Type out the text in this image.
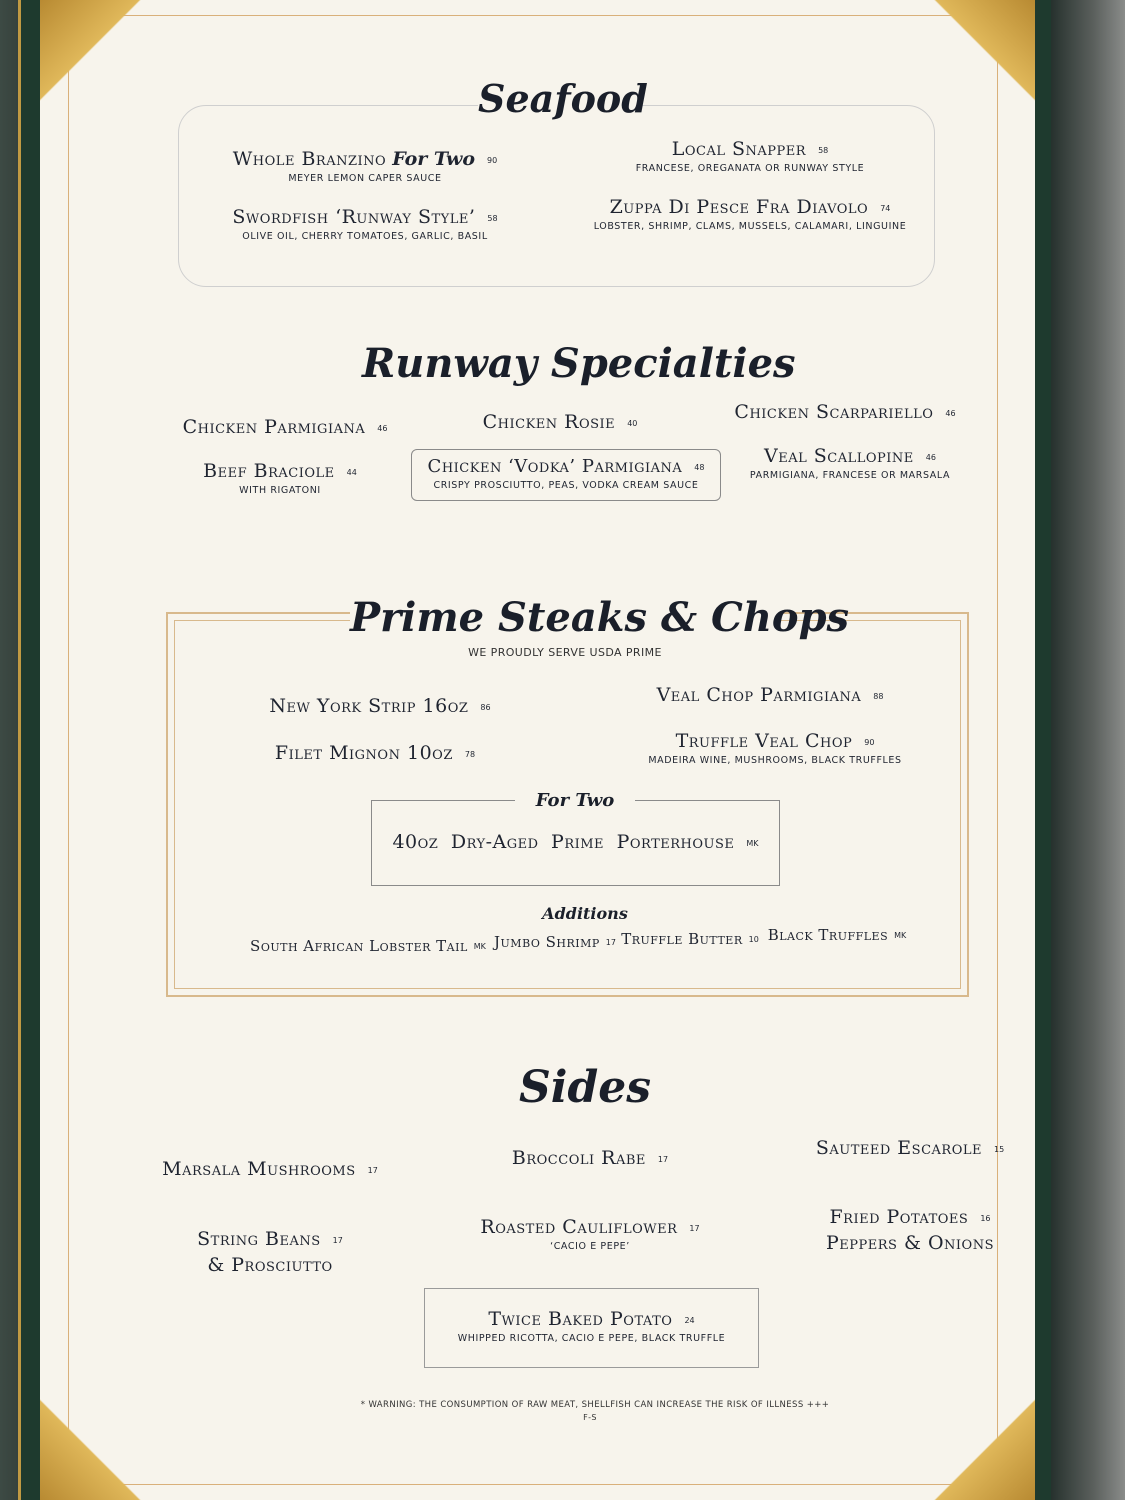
Seafood
Whole Branzino For Two 90
MEYER LEMON CAPER SAUCE
Local Snapper 58
FRANCESE, OREGANATA OR RUNWAY STYLE
Swordfish ‘Runway Style’ 58
OLIVE OIL, CHERRY TOMATOES, GARLIC, BASIL
Zuppa Di Pesce Fra Diavolo 74
LOBSTER, SHRIMP, CLAMS, MUSSELS, CALAMARI, LINGUINE
Runway Specialties
Chicken Parmigiana 46	Chicken Rosie 40
Chicken Scarpariello 46
Beef Braciole 44
WITH RIGATONI
Chicken ‘Vodka’ Parmigiana 48
CRISPY PROSCIUTTO, PEAS, VODKA CREAM SAUCE
Veal Scallopine 46
PARMIGIANA, FRANCESE OR MARSALA
Prime Steaks & Chops
WE PROUDLY SERVE USDA PRIME
New York Strip 16oz 86
Veal Chop Parmigiana 88
Filet Mignon 10oz 78
Truffle Veal Chop 90
MADEIRA WINE, MUSHROOMS, BLACK TRUFFLES
For Two
40oz Dry-Aged Prime Porterhouse MK
Additions
South African Lobster Tail MK Jumbo Shrimp 17 Truffle Butter 10 Black Truffles MK
Sides
Marsala Mushrooms 17
Broccoli Rabe 17
Sauteed Escarole 15
String Beans 17
& Prosciutto
Roasted Cauliflower 17
‘CACIO E PEPE’
Fried Potatoes 16
Peppers & Onions
Twice Baked Potato 24
WHIPPED RICOTTA, CACIO E PEPE, BLACK TRUFFLE
* WARNING: THE CONSUMPTION OF RAW MEAT, SHELLFISH CAN INCREASE THE RISK OF ILLNESS +++
F-S
